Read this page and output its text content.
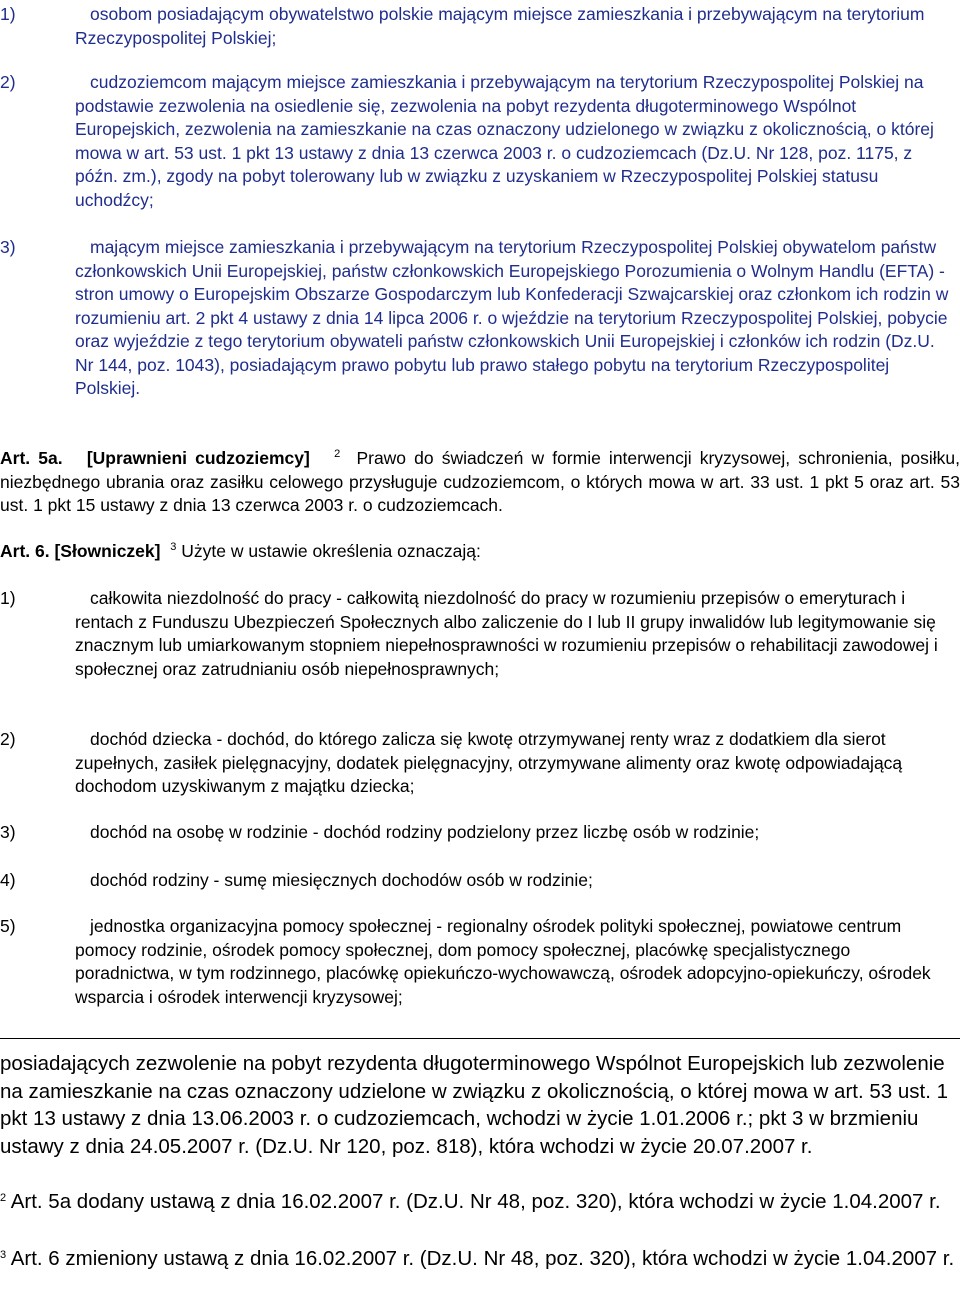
1)	osobom posiadającym obywatelstwo polskie mającym miejsce zamieszkania i przebywającym na terytorium Rzeczypospolitej Polskiej;
2)	cudzoziemcom mającym miejsce zamieszkania i przebywającym na terytorium Rzeczypospolitej Polskiej na podstawie zezwolenia na osiedlenie się, zezwolenia na pobyt rezydenta długoterminowego Wspólnot Europejskich, zezwolenia na zamieszkanie na czas oznaczony udzielonego w związku z okolicznością, o której mowa w art. 53 ust. 1 pkt 13 ustawy z dnia 13 czerwca 2003 r. o cudzoziemcach (Dz.U. Nr 128, poz. 1175, z późn. zm.), zgody na pobyt tolerowany lub w związku z uzyskaniem w Rzeczypospolitej Polskiej statusu uchodźcy;
3)	mającym miejsce zamieszkania i przebywającym na terytorium Rzeczypospolitej Polskiej obywatelom państw członkowskich Unii Europejskiej, państw członkowskich Europejskiego Porozumienia o Wolnym Handlu (EFTA) - stron umowy o Europejskim Obszarze Gospodarczym lub Konfederacji Szwajcarskiej oraz członkom ich rodzin w rozumieniu art. 2 pkt 4 ustawy z dnia 14 lipca 2006 r. o wjeździe na terytorium Rzeczypospolitej Polskiej, pobycie oraz wyjeździe z tego terytorium obywateli państw członkowskich Unii Europejskiej i członków ich rodzin (Dz.U. Nr 144, poz. 1043), posiadającym prawo pobytu lub prawo stałego pobytu na terytorium Rzeczypospolitej Polskiej.
Art. 5a. [Uprawnieni cudzoziemcy] $^2$ Prawo do świadczeń w formie interwencji kryzysowej, schronienia, posiłku, niezbędnego ubrania oraz zasiłku celowego przysługuje cudzoziemcom, o których mowa w art. 33 ust. 1 pkt 5 oraz art. 53 ust. 1 pkt 15 ustawy z dnia 13 czerwca 2003 r. o cudzoziemcach.
Art. 6. [Słowniczek] $^3$ Użyte w ustawie określenia oznaczają:
1)	całkowita niezdolność do pracy - całkowitą niezdolność do pracy w rozumieniu przepisów o emeryturach i rentach z Funduszu Ubezpieczeń Społecznych albo zaliczenie do I lub II grupy inwalidów lub legitymowanie się znacznym lub umiarkowanym stopniem niepełnosprawności w rozumieniu przepisów o rehabilitacji zawodowej i społecznej oraz zatrudnianiu osób niepełnosprawnych;
2)	dochód dziecka - dochód, do którego zalicza się kwotę otrzymywanej renty wraz z dodatkiem dla sierot zupełnych, zasiłek pielęgnacyjny, dodatek pielęgnacyjny, otrzymywane alimenty oraz kwotę odpowiadającą dochodom uzyskiwanym z majątku dziecka;
3)	dochód na osobę w rodzinie - dochód rodziny podzielony przez liczbę osób w rodzinie;
4)	dochód rodziny - sumę miesięcznych dochodów osób w rodzinie;
5)	jednostka organizacyjna pomocy społecznej - regionalny ośrodek polityki społecznej, powiatowe centrum pomocy rodzinie, ośrodek pomocy społecznej, dom pomocy społecznej, placówkę specjalistycznego poradnictwa, w tym rodzinnego, placówkę opiekuńczo-wychowawczą, ośrodek adopcyjno-opiekuńczy, ośrodek wsparcia i ośrodek interwencji kryzysowej;
posiadających zezwolenie na pobyt rezydenta długoterminowego Wspólnot Europejskich lub zezwolenie na zamieszkanie na czas oznaczony udzielone w związku z okolicznością, o której mowa w art. 53 ust. 1 pkt 13 ustawy z dnia 13.06.2003 r. o cudzoziemcach, wchodzi w życie 1.01.2006 r.; pkt 3 w brzmieniu ustawy z dnia 24.05.2007 r. (Dz.U. Nr 120, poz. 818), która wchodzi w życie 20.07.2007 r.
$^2$ Art. 5a dodany ustawą z dnia 16.02.2007 r. (Dz.U. Nr 48, poz. 320), która wchodzi w życie 1.04.2007 r.
$^3$ Art. 6 zmieniony ustawą z dnia 16.02.2007 r. (Dz.U. Nr 48, poz. 320), która wchodzi w życie 1.04.2007 r.
